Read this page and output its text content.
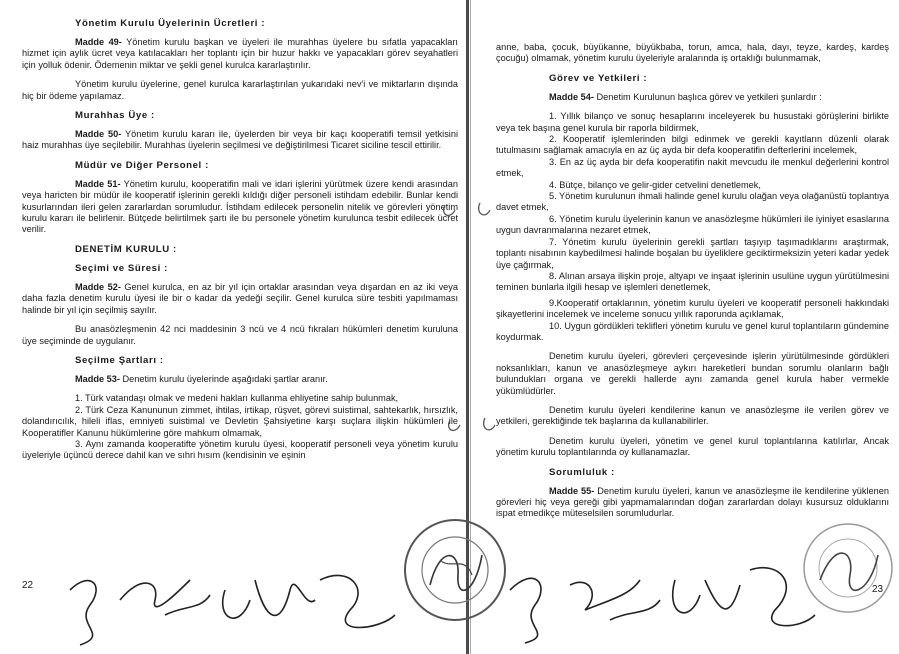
Yönetim Kurulu Üyelerinin Ücretleri :

Madde 49- Yönetim kurulu başkan ve üyeleri ile murahhas üyelere bu sıfatla yapacakları hizmet için aylık ücret veya katılacakları her toplantı için bir huzur hakkı ve yapacakları görev seyahatleri için yolluk ödenir. Ödemenin miktar ve şekli genel kurulca kararlaştırılır.

Yönetim kurulu üyelerine, genel kurulca kararlaştırılan yukarıdaki nev'i ve miktarların dışında hiç bir ödeme yapılamaz.

Murahhas Üye :

Madde 50- Yönetim kurulu kararı ile, üyelerden bir veya bir kaçı kooperatifi temsil yetkisini haiz murahhas üye seçilebilir. Murahhas üyelerin seçilmesi ve değiştirilmesi Ticaret siciline tescil ettirilir.

Müdür ve Diğer Personel :

Madde 51- Yönetim kurulu, kooperatifin mali ve idari işlerini yürütmek üzere kendi arasından veya haricten bir müdür ile kooperatif işlerinin gerekli kıldığı diğer personeli istihdam edebilir. Bunlar kendi kusurlarından ileri gelen zararlardan sorumludur. İstihdam edilecek personelin nitelik ve görevleri yönetim kurulu kararı ile belirlenir. Bütçede belirtilmek şartı ile bu personele yönetim kurulunca tesbit edilecek ücret verilir.

DENETİM KURULU :

Seçimi ve Süresi :

Madde 52- Genel kurulca, en az bir yıl için ortaklar arasından veya dışardan en az iki veya daha fazla denetim kurulu üyesi ile bir o kadar da yedeği seçilir. Genel kurulca süre tesbiti yapılmaması halinde bir yıl için seçilmiş sayılır.

Bu anasözleşmenin 42 nci maddesinin 3 ncü ve 4 ncü fıkraları hükümleri denetim kuruluna üye seçiminde de uygulanır.

Seçilme Şartları :

Madde 53- Denetim kurulu üyelerinde aşağıdaki şartlar aranır.

1. Türk vatandaşı olmak ve medeni hakları kullanma ehliyetine sahip bulunmak,

2. Türk Ceza Kanununun zimmet, ihtilas, irtikap, rüşvet, görevi suistimal, sahtekarlık, hırsızlık, dolandırıcılık, hileli iflas, emniyeti suistimal ve Devletin Şahsiyetine karşı suçlara ilişkin hükümleri ile Kooperatifler Kanunu hükümlerine göre mahkum olmamak,

3. Aynı zamanda kooperatifte yönetim kurulu üyesi, kooperatif personeli veya yönetim kurulu üyeleriyle üçüncü derece dahil kan ve sıhri hısım (kendisinin ve eşinin

anne, baba, çocuk, büyükanne, büyükbaba, torun, amca, hala, dayı, teyze, kardeş, kardeş çocuğu) olmamak, yönetim kurulu üyeleriyle aralarında iş ortaklığı bulunmamak,

Görev ve Yetkileri :

Madde 54- Denetim Kurulunun başlıca görev ve yetkileri şunlardır :

1. Yıllık bilanço ve sonuç hesaplarını inceleyerek bu husustaki görüşlerini birlikte veya tek başına genel kurula bir raporla bildirmek,

2. Kooperatif işlemlerinden bilgi edinmek ve gerekli kayıtların düzenli olarak tutulmasını sağlamak amacıyla en az üç ayda bir defa kooperatifin defterlerini incelemek,

3. En az üç ayda bir defa kooperatifin nakit mevcudu ile menkul değerlerini kontrol etmek,

4. Bütçe, bilanço ve gelir-gider cetvelini denetlemek,

5. Yönetim kurulunun ihmali halinde genel kurulu olağan veya olağanüstü toplantıya davet etmek,

6. Yönetim kurulu üyelerinin kanun ve anasözleşme hükümleri ile iyiniyet esaslarına uygun davranmalarına nezaret etmek,

7. Yönetim kurulu üyelerinin gerekli şartları taşıyıp taşımadıklarını araştırmak, toplantı nisabının kaybedilmesi halinde boşalan bu üyeliklere geciktirmeksizin yeteri kadar yedek üye çağırmak,

8. Alınan arsaya ilişkin proje, altyapı ve inşaat işlerinin usulüne uygun yürütülmesini teminen bunlarla ilgili hesap ve işlemleri denetlemek,

9.Kooperatif ortaklarının, yönetim kurulu üyeleri ve kooperatif personeli hakkındaki şikayetlerini incelemek ve inceleme sonucu yıllık raporunda açıklamak,

10. Uygun gördükleri teklifleri yönetim kurulu ve genel kurul toplantıların gündemine koydurmak.

Denetim kurulu üyeleri, görevleri çerçevesinde işlerin yürütülmesinde gördükleri noksanlıkları, kanun ve anasözleşmeye aykırı hareketleri bundan sorumlu olanların bağlı bulundukları organa ve gerekli hallerde aynı zamanda genel kurula haber vermekle yükümlüdürler.

Denetim kurulu üyeleri kendilerine kanun ve anasözleşme ile verilen görev ve yetkileri, gerektiğinde tek başlarına da kullanabilirler.

Denetim kurulu üyeleri, yönetim ve genel kurul toplantılarına katılırlar, Ancak yönetim kurulu toplantılarında oy kullanamazlar.

Sorumluluk :

Madde 55- Denetim kurulu üyeleri, kanun ve anasözleşme ile kendilerine yüklenen görevleri hiç veya gereği gibi yapmamalarından doğan zararlardan dolayı kusursuz olduklarını ispat etmedikçe müteselsilen sorumludurlar.

22	23
